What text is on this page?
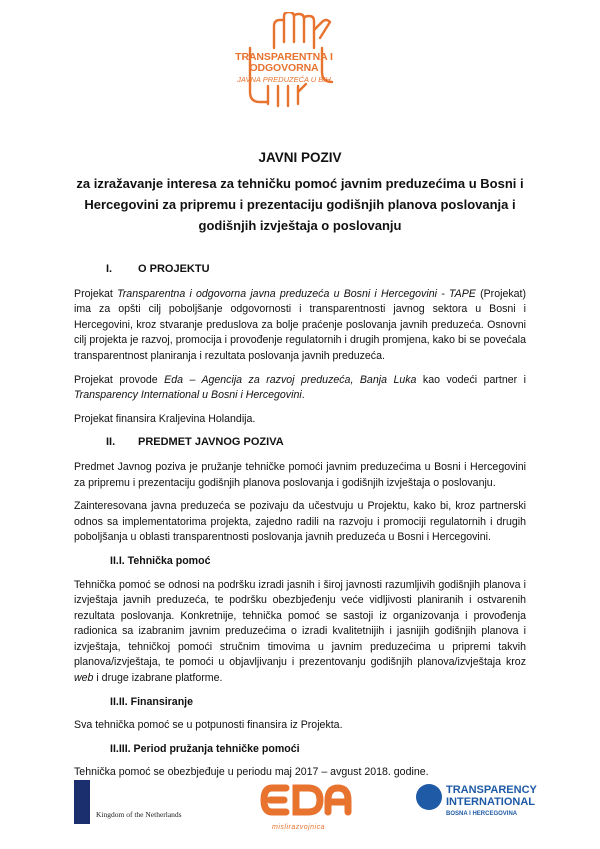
TRANSPARENTNA I
ODGOVORNA
JAVNA PREDUZEĆA U BIH

JAVNI POZIV

za izražavanje interesa za tehničku pomoć javnim preduzećima u Bosni i
Hercegovini za pripremu i prezentaciju godišnjih planova poslovanja i
godišnjih izvještaja o poslovanju

I.	O PROJEKTU

Projekat Transparentna i odgovorna javna preduzeća u Bosni i Hercegovini - TAPE (Projekat) ima za opšti cilj poboljšanje odgovornosti i transparentnosti javnog sektora u Bosni i Hercegovini, kroz stvaranje preduslova za bolje praćenje poslovanja javnih preduzeća. Osnovni cilj projekta je razvoj, promocija i provođenje regulatornih i drugih promjena, kako bi se povećala transparentnost planiranja i rezultata poslovanja javnih preduzeća.

Projekat provode Eda – Agencija za razvoj preduzeća, Banja Luka kao vodeći partner i Transparency International u Bosni i Hercegovini.

Projekat finansira Kraljevina Holandija.

II.	PREDMET JAVNOG POZIVA

Predmet Javnog poziva je pružanje tehničke pomoći javnim preduzećima u Bosni i Hercegovini za pripremu i prezentaciju godišnjih planova poslovanja i godišnjih izvještaja o poslovanju.

Zainteresovana javna preduzeća se pozivaju da učestvuju u Projektu, kako bi, kroz partnerski odnos sa implementatorima projekta, zajedno radili na razvoju i promociji regulatornih i drugih poboljšanja u oblasti transparentnosti poslovanja javnih preduzeća u Bosni i Hercegovini.

II.I. Tehnička pomoć

Tehnička pomoć se odnosi na podršku izradi jasnih i široj javnosti razumljivih godišnjih planova i izvještaja javnih preduzeća, te podršku obezbjeđenju veće vidljivosti planiranih i ostvarenih rezultata poslovanja. Konkretnije, tehnička pomoć se sastoji iz organizovanja i provođenja radionica sa izabranim javnim preduzećima o izradi kvalitetnijih i jasnijih godišnjih planova i izvještaja, tehničkoj pomoći stručnim timovima u javnim preduzećima u pripremi takvih planova/izvještaja, te pomoći u objavljivanju i prezentovanju godišnjih planova/izvještaja kroz web i druge izabrane platforme.

II.II. Finansiranje

Sva tehnička pomoć se u potpunosti finansira iz Projekta.

II.III. Period pružanja tehničke pomoći

Tehnička pomoć se obezbjeđuje u periodu maj 2017 – avgust 2018. godine.

Kingdom of the Netherlands
mislirazvojnica
TRANSPARENCY
INTERNATIONAL
BOSNA I HERCEGOVINA
